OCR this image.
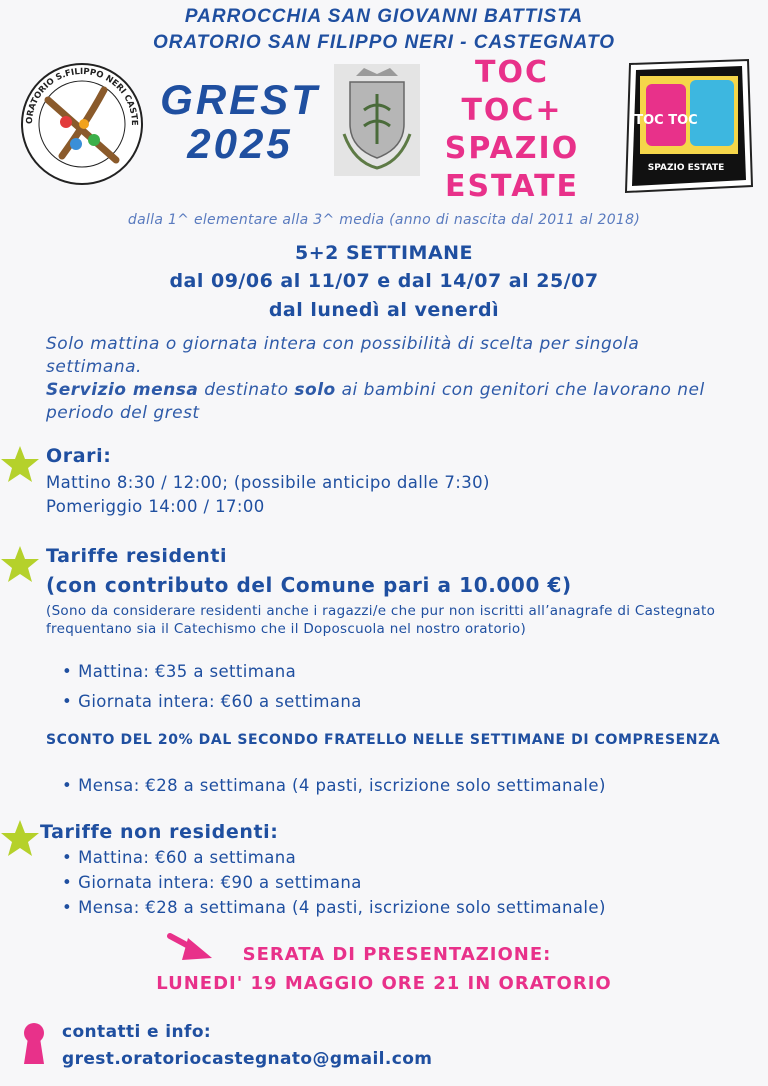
PARROCCHIA SAN GIOVANNI BATTISTA
ORATORIO SAN FILIPPO NERI - CASTEGNATO
ORATORIO S.FILIPPO NERI CASTE GREST
2025
TOC
TOC+
SPAZIO
ESTATE
TOC TOC
SPAZIO ESTATE
dalla 1^ elementare alla 3^ media (anno di nascita dal 2011 al 2018)
5+2 SETTIMANE
dal 09/06 al 11/07 e dal 14/07 al 25/07
dal lunedì al venerdì
Solo mattina o giornata intera con possibilità di scelta per singola settimana.
Servizio mensa destinato solo ai bambini con genitori che lavorano nel periodo del grest
Orari:
Mattino 8:30 / 12:00; (possibile anticipo dalle 7:30)
Pomeriggio 14:00 / 17:00
Tariffe residenti
(con contributo del Comune pari a 10.000 €)
(Sono da considerare residenti anche i ragazzi/e che pur non iscritti all’anagrafe di Castegnato frequentano sia il Catechismo che il Doposcuola nel nostro oratorio)
• Mattina: €35 a settimana
• Giornata intera: €60 a settimana
SCONTO DEL 20% DAL SECONDO FRATELLO NELLE SETTIMANE DI COMPRESENZA
• Mensa: €28 a settimana (4 pasti, iscrizione solo settimanale)
Tariffe non residenti:
• Mattina: €60 a settimana
• Giornata intera: €90 a settimana
• Mensa: €28 a settimana (4 pasti, iscrizione solo settimanale)
SERATA DI PRESENTAZIONE:
LUNEDI' 19 MAGGIO ORE 21 IN ORATORIO
contatti e info:
grest.oratoriocastegnato@gmail.com
